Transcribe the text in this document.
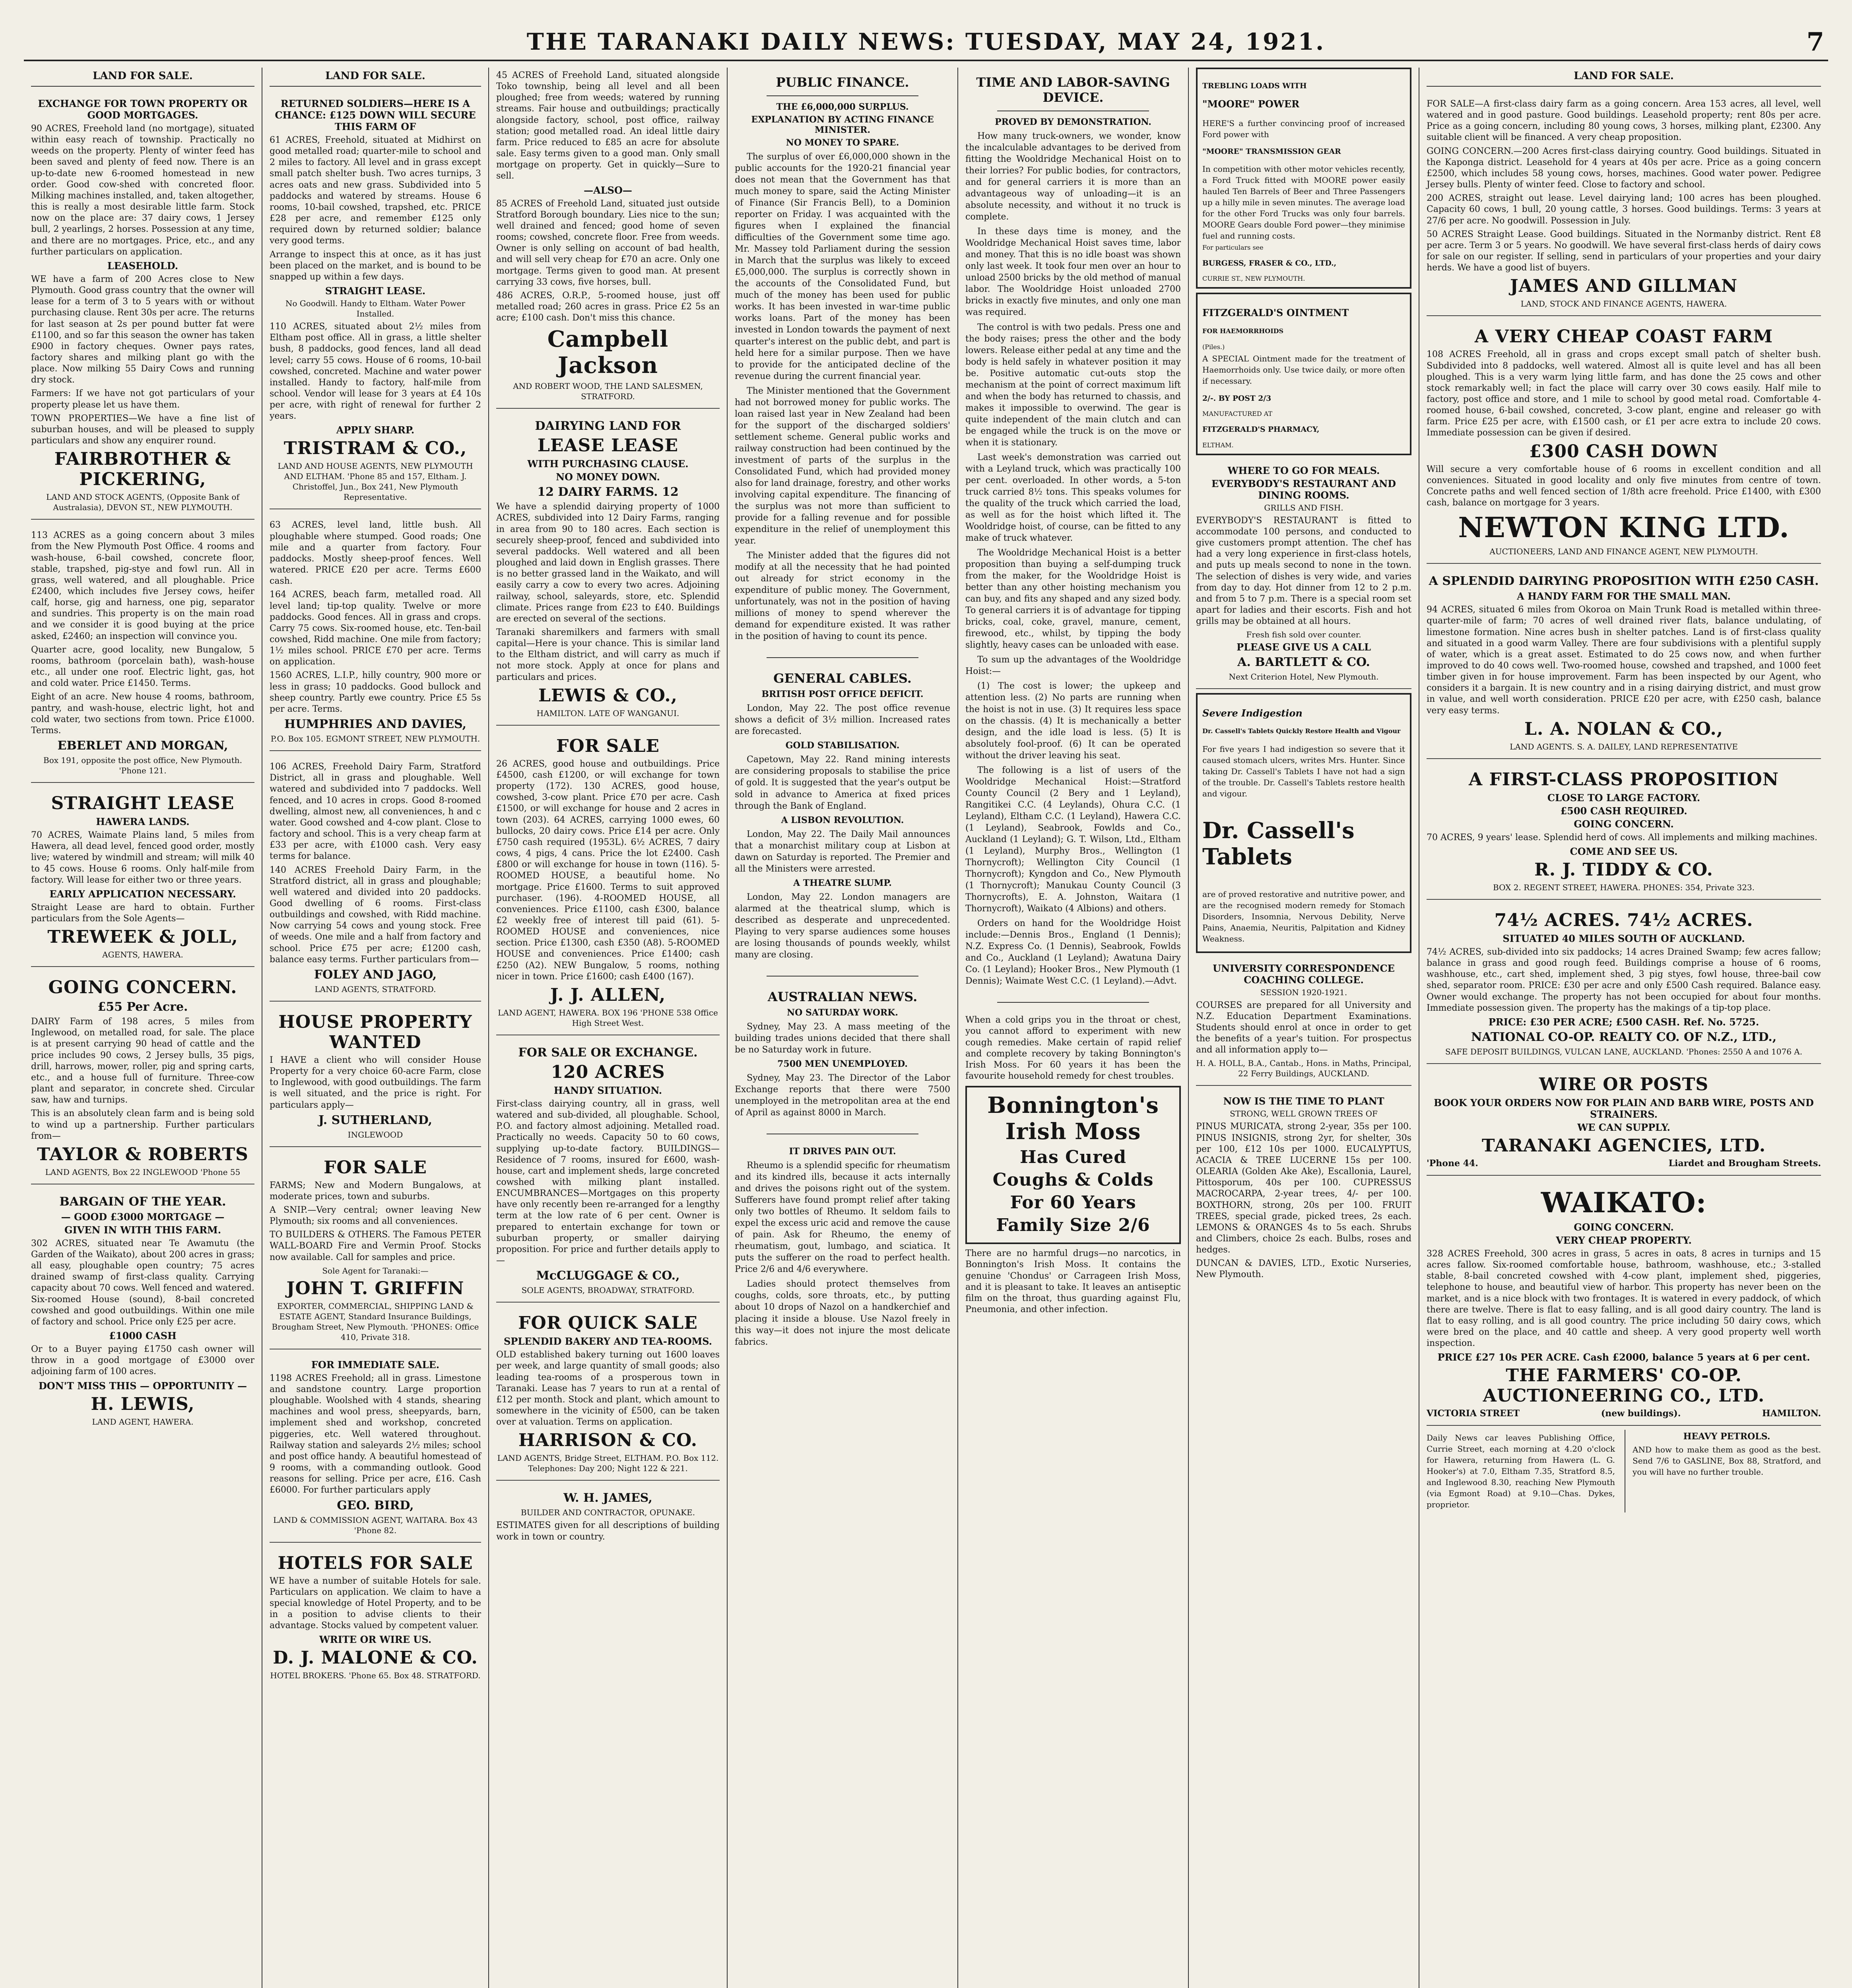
THE TARANAKI DAILY NEWS: TUESDAY, MAY 24, 1921.	7
LAND FOR SALE.
EXCHANGE FOR TOWN PROPERTY OR GOOD MORTGAGES.

90 ACRES, Freehold land (no mortgage), situated within easy reach of township. Practically no weeds on the property. Plenty of winter feed has been saved and plenty of feed now. There is an up-to-date new 6-roomed homestead in new order. Good cow-shed with concreted floor. Milking machines installed, and, taken altogether, this is really a most desirable little farm. Stock now on the place are: 37 dairy cows, 1 Jersey bull, 2 yearlings, 2 horses. Possession at any time, and there are no mortgages. Price, etc., and any further particulars on application.

LEASEHOLD.

WE have a farm of 200 Acres close to New Plymouth. Good grass country that the owner will lease for a term of 3 to 5 years with or without purchasing clause. Rent 30s per acre. The returns for last season at 2s per pound butter fat were £1100, and so far this season the owner has taken £900 in factory cheques. Owner pays rates, factory shares and milking plant go with the place. Now milking 55 Dairy Cows and running dry stock.

Farmers: If we have not got particulars of your property please let us have them.

TOWN PROPERTIES—We have a fine list of suburban houses, and will be pleased to supply particulars and show any enquirer round.

FAIRBROTHER & PICKERING,
LAND AND STOCK AGENTS, (Opposite Bank of Australasia), DEVON ST., NEW PLYMOUTH.

113 ACRES as a going concern about 3 miles from the New Plymouth Post Office. 4 rooms and wash-house, 6-bail cowshed, concrete floor, stable, trapshed, pig-stye and fowl run. All in grass, well watered, and all ploughable. Price £2400, which includes five Jersey cows, heifer calf, horse, gig and harness, one pig, separator and sundries. This property is on the main road and we consider it is good buying at the price asked, £2460; an inspection will convince you.

Quarter acre, good locality, new Bungalow, 5 rooms, bathroom (porcelain bath), wash-house etc., all under one roof. Electric light, gas, hot and cold water. Price £1450. Terms.

Eight of an acre. New house 4 rooms, bathroom, pantry, and wash-house, electric light, hot and cold water, two sections from town. Price £1000. Terms.

EBERLET AND MORGAN,
Box 191, opposite the post office, New Plymouth. 'Phone 121.
STRAIGHT LEASE
HAWERA LANDS.

70 ACRES, Waimate Plains land, 5 miles from Hawera, all dead level, fenced good order, mostly live; watered by windmill and stream; will milk 40 to 45 cows. House 6 rooms. Only half-mile from factory. Will lease for either two or three years.

EARLY APPLICATION NECESSARY.

Straight Lease are hard to obtain. Further particulars from the Sole Agents—

TREWEEK & JOLL,
AGENTS, HAWERA.
GOING CONCERN.
£55 Per Acre.

DAIRY Farm of 198 acres, 5 miles from Inglewood, on metalled road, for sale. The place is at present carrying 90 head of cattle and the price includes 90 cows, 2 Jersey bulls, 35 pigs, drill, harrows, mower, roller, pig and spring carts, etc., and a house full of furniture. Three-cow plant and separator, in concrete shed. Circular saw, haw and turnips.

This is an absolutely clean farm and is being sold to wind up a partnership. Further particulars from—

TAYLOR & ROBERTS
LAND AGENTS, Box 22 INGLEWOOD 'Phone 55
BARGAIN OF THE YEAR.
— GOOD £3000 MORTGAGE —
GIVEN IN WITH THIS FARM.

302 ACRES, situated near Te Awamutu (the Garden of the Waikato), about 200 acres in grass; all easy, ploughable open country; 75 acres drained swamp of first-class quality. Carrying capacity about 70 cows. Well fenced and watered. Six-roomed House (sound), 8-bail concreted cowshed and good outbuildings. Within one mile of factory and school. Price only £25 per acre.

£1000 CASH

Or to a Buyer paying £1750 cash owner will throw in a good mortgage of £3000 over adjoining farm of 100 acres.

DON'T MISS THIS — OPPORTUNITY —
H. LEWIS,
LAND AGENT, HAWERA.
LAND FOR SALE.
RETURNED SOLDIERS—HERE IS A CHANCE: £125 DOWN WILL SECURE THIS FARM OF

61 ACRES, Freehold, situated at Midhirst on good metalled road; quarter-mile to school and 2 miles to factory. All level and in grass except small patch shelter bush. Two acres turnips, 3 acres oats and new grass. Subdivided into 5 paddocks and watered by streams. House 6 rooms, 10-bail cowshed, trapshed, etc. PRICE £28 per acre, and remember £125 only required down by returned soldier; balance very good terms.

Arrange to inspect this at once, as it has just been placed on the market, and is bound to be snapped up within a few days.

STRAIGHT LEASE.
No Goodwill. Handy to Eltham. Water Power Installed.

110 ACRES, situated about 2½ miles from Eltham post office. All in grass, a little shelter bush, 8 paddocks, good fences, land all dead level; carry 55 cows. House of 6 rooms, 10-bail cowshed, concreted. Machine and water power installed. Handy to factory, half-mile from school. Vendor will lease for 3 years at £4 10s per acre, with right of renewal for further 2 years.

APPLY SHARP.
TRISTRAM & CO.,
LAND AND HOUSE AGENTS, NEW PLYMOUTH AND ELTHAM. 'Phone 85 and 157, Eltham. J. Christoffel, Jun., Box 241, New Plymouth Representative.

63 ACRES, level land, little bush. All ploughable where stumped. Good roads; One mile and a quarter from factory. Four paddocks. Mostly sheep-proof fences. Well watered. PRICE £20 per acre. Terms £600 cash.

164 ACRES, beach farm, metalled road. All level land; tip-top quality. Twelve or more paddocks. Good fences. All in grass and crops. Carry 75 cows. Six-roomed house, etc. Ten-bail cowshed, Ridd machine. One mile from factory; 1½ miles school. PRICE £70 per acre. Terms on application.

1560 ACRES, L.I.P., hilly country, 900 more or less in grass; 10 paddocks. Good bullock and sheep country. Partly ewe country. Price £5 5s per acre. Terms.

HUMPHRIES AND DAVIES,
P.O. Box 105. EGMONT STREET, NEW PLYMOUTH.

106 ACRES, Freehold Dairy Farm, Stratford District, all in grass and ploughable. Well watered and subdivided into 7 paddocks. Well fenced, and 10 acres in crops. Good 8-roomed dwelling, almost new, all conveniences, h and c water. Good cowshed and 4-cow plant. Close to factory and school. This is a very cheap farm at £33 per acre, with £1000 cash. Very easy terms for balance.

140 ACRES Freehold Dairy Farm, in the Stratford district, all in grass and ploughable; well watered and divided into 20 paddocks. Good dwelling of 6 rooms. First-class outbuildings and cowshed, with Ridd machine. Now carrying 54 cows and young stock. Free of weeds. One mile and a half from factory and school. Price £75 per acre; £1200 cash, balance easy terms. Further particulars from—

FOLEY AND JAGO,
LAND AGENTS, STRATFORD.
HOUSE PROPERTY WANTED

I HAVE a client who will consider House Property for a very choice 60-acre Farm, close to Inglewood, with good outbuildings. The farm is well situated, and the price is right. For particulars apply—

J. SUTHERLAND,
INGLEWOOD
FOR SALE

FARMS; New and Modern Bungalows, at moderate prices, town and suburbs.

A SNIP.—Very central; owner leaving New Plymouth; six rooms and all conveniences.

TO BUILDERS & OTHERS. The Famous PETER WALL-BOARD Fire and Vermin Proof. Stocks now available. Call for samples and price.

Sole Agent for Taranaki:—
JOHN T. GRIFFIN
EXPORTER, COMMERCIAL, SHIPPING LAND & ESTATE AGENT, Standard Insurance Buildings, Brougham Street, New Plymouth. 'PHONES: Office 410, Private 318.
FOR IMMEDIATE SALE.

1198 ACRES Freehold; all in grass. Limestone and sandstone country. Large proportion ploughable. Woolshed with 4 stands, shearing machines and wool press, sheepyards, barn, implement shed and workshop, concreted piggeries, etc. Well watered throughout. Railway station and saleyards 2½ miles; school and post office handy. A beautiful homestead of 9 rooms, with a commanding outlook. Good reasons for selling. Price per acre, £16. Cash £6000. For further particulars apply

GEO. BIRD,
LAND & COMMISSION AGENT, WAITARA. Box 43 'Phone 82.
HOTELS FOR SALE

WE have a number of suitable Hotels for sale. Particulars on application. We claim to have a special knowledge of Hotel Property, and to be in a position to advise clients to their advantage. Stocks valued by competent valuer.

WRITE OR WIRE US.
D. J. MALONE & CO.
HOTEL BROKERS. 'Phone 65. Box 48. STRATFORD.

45 ACRES of Freehold Land, situated alongside Toko township, being all level and all been ploughed; free from weeds; watered by running streams. Fair house and outbuildings; practically alongside factory, school, post office, railway station; good metalled road. An ideal little dairy farm. Price reduced to £85 an acre for absolute sale. Easy terms given to a good man. Only small mortgage on property. Get in quickly—Sure to sell.

—ALSO—

85 ACRES of Freehold Land, situated just outside Stratford Borough boundary. Lies nice to the sun; well drained and fenced; good home of seven rooms; cowshed, concrete floor. Free from weeds. Owner is only selling on account of bad health, and will sell very cheap for £70 an acre. Only one mortgage. Terms given to good man. At present carrying 33 cows, five horses, bull.

486 ACRES, O.R.P., 5-roomed house, just off metalled road; 260 acres in grass. Price £2 5s an acre; £100 cash. Don't miss this chance.

Campbell Jackson
AND ROBERT WOOD, THE LAND SALESMEN, STRATFORD.
DAIRYING LAND FOR
LEASE LEASE
WITH PURCHASING CLAUSE.
NO MONEY DOWN.
12 DAIRY FARMS. 12

We have a splendid dairying property of 1000 ACRES, subdivided into 12 Dairy Farms, ranging in area from 90 to 180 acres. Each section is securely sheep-proof, fenced and subdivided into several paddocks. Well watered and all been ploughed and laid down in English grasses. There is no better grassed land in the Waikato, and will easily carry a cow to every two acres. Adjoining railway, school, saleyards, store, etc. Splendid climate. Prices range from £23 to £40. Buildings are erected on several of the sections.

Taranaki sharemilkers and farmers with small capital—Here is your chance. This is similar land to the Eltham district, and will carry as much if not more stock. Apply at once for plans and particulars and prices.

LEWIS & CO.,
HAMILTON. LATE OF WANGANUI.
FOR SALE

26 ACRES, good house and outbuildings. Price £4500, cash £1200, or will exchange for town property (172). 130 ACRES, good house, cowshed, 3-cow plant. Price £70 per acre. Cash £1500, or will exchange for house and 2 acres in town (203). 64 ACRES, carrying 1000 ewes, 60 bullocks, 20 dairy cows. Price £14 per acre. Only £750 cash required (1953L). 6½ ACRES, 7 dairy cows, 4 pigs, 4 cans. Price the lot £2400. Cash £800 or will exchange for house in town (116). 5-ROOMED HOUSE, a beautiful home. No mortgage. Price £1600. Terms to suit approved purchaser. (196). 4-ROOMED HOUSE, all conveniences. Price £1100, cash £300, balance £2 weekly free of interest till paid (61). 5-ROOMED HOUSE and conveniences, nice section. Price £1300, cash £350 (A8). 5-ROOMED HOUSE and conveniences. Price £1400; cash £250 (A2). NEW Bungalow, 5 rooms, nothing nicer in town. Price £1600; cash £400 (167).

J. J. ALLEN,
LAND AGENT, HAWERA. BOX 196 'PHONE 538 Office High Street West.
FOR SALE OR EXCHANGE.
120 ACRES
HANDY SITUATION.

First-class dairying country, all in grass, well watered and sub-divided, all ploughable. School, P.O. and factory almost adjoining. Metalled road. Practically no weeds. Capacity 50 to 60 cows, supplying up-to-date factory. BUILDINGS—Residence of 7 rooms, insured for £600, wash-house, cart and implement sheds, large concreted cowshed with milking plant installed. ENCUMBRANCES—Mortgages on this property have only recently been re-arranged for a lengthy term at the low rate of 6 per cent. Owner is prepared to entertain exchange for town or suburban property, or smaller dairying proposition. For price and further details apply to—

McCLUGGAGE & CO.,
SOLE AGENTS, BROADWAY, STRATFORD.
FOR QUICK SALE
SPLENDID BAKERY AND TEA-ROOMS.

OLD established bakery turning out 1600 loaves per week, and large quantity of small goods; also leading tea-rooms of a prosperous town in Taranaki. Lease has 7 years to run at a rental of £12 per month. Stock and plant, which amount to somewhere in the vicinity of £500, can be taken over at valuation. Terms on application.

HARRISON & CO.
LAND AGENTS, Bridge Street, ELTHAM. P.O. Box 112. Telephones: Day 200; Night 122 & 221.
W. H. JAMES,
BUILDER AND CONTRACTOR, OPUNAKE.

ESTIMATES given for all descriptions of building work in town or country.

PUBLIC FINANCE.
THE £6,000,000 SURPLUS.
EXPLANATION BY ACTING FINANCE MINISTER.
NO MONEY TO SPARE.

The surplus of over £6,000,000 shown in the public accounts for the 1920-21 financial year does not mean that the Government has that much money to spare, said the Acting Minister of Finance (Sir Francis Bell), to a Dominion reporter on Friday. I was acquainted with the figures when I explained the financial difficulties of the Government some time ago. Mr. Massey told Parliament during the session in March that the surplus was likely to exceed £5,000,000. The surplus is correctly shown in the accounts of the Consolidated Fund, but much of the money has been used for public works. It has been invested in war-time public works loans. Part of the money has been invested in London towards the payment of next quarter's interest on the public debt, and part is held here for a similar purpose. Then we have to provide for the anticipated decline of the revenue during the current financial year.

The Minister mentioned that the Government had not borrowed money for public works. The loan raised last year in New Zealand had been for the support of the discharged soldiers' settlement scheme. General public works and railway construction had been continued by the investment of parts of the surplus in the Consolidated Fund, which had provided money also for land drainage, forestry, and other works involving capital expenditure. The financing of the surplus was not more than sufficient to provide for a falling revenue and for possible expenditure in the relief of unemployment this year.

The Minister added that the figures did not modify at all the necessity that he had pointed out already for strict economy in the expenditure of public money. The Government, unfortunately, was not in the position of having millions of money to spend wherever the demand for expenditure existed. It was rather in the position of having to count its pence.

GENERAL CABLES.
BRITISH POST OFFICE DEFICIT.

London, May 22. The post office revenue shows a deficit of 3½ million. Increased rates are forecasted.

GOLD STABILISATION.

Capetown, May 22. Rand mining interests are considering proposals to stabilise the price of gold. It is suggested that the year's output be sold in advance to America at fixed prices through the Bank of England.

A LISBON REVOLUTION.

London, May 22. The Daily Mail announces that a monarchist military coup at Lisbon at dawn on Saturday is reported. The Premier and all the Ministers were arrested.

A THEATRE SLUMP.

London, May 22. London managers are alarmed at the theatrical slump, which is described as desperate and unprecedented. Playing to very sparse audiences some houses are losing thousands of pounds weekly, whilst many are closing.

AUSTRALIAN NEWS.
NO SATURDAY WORK.

Sydney, May 23. A mass meeting of the building trades unions decided that there shall be no Saturday work in future.

7500 MEN UNEMPLOYED.

Sydney, May 23. The Director of the Labor Exchange reports that there were 7500 unemployed in the metropolitan area at the end of April as against 8000 in March.

IT DRIVES PAIN OUT.

Rheumo is a splendid specific for rheumatism and its kindred ills, because it acts internally and drives the poisons right out of the system. Sufferers have found prompt relief after taking only two bottles of Rheumo. It seldom fails to expel the excess uric acid and remove the cause of pain. Ask for Rheumo, the enemy of rheumatism, gout, lumbago, and sciatica. It puts the sufferer on the road to perfect health. Price 2/6 and 4/6 everywhere.

Ladies should protect themselves from coughs, colds, sore throats, etc., by putting about 10 drops of Nazol on a handkerchief and placing it inside a blouse. Use Nazol freely in this way—it does not injure the most delicate fabrics.

TIME AND LABOR-SAVING DEVICE.
PROVED BY DEMONSTRATION.

How many truck-owners, we wonder, know the incalculable advantages to be derived from fitting the Wooldridge Mechanical Hoist on to their lorries? For public bodies, for contractors, and for general carriers it is more than an advantageous way of unloading—it is an absolute necessity, and without it no truck is complete.

In these days time is money, and the Wooldridge Mechanical Hoist saves time, labor and money. That this is no idle boast was shown only last week. It took four men over an hour to unload 2500 bricks by the old method of manual labor. The Wooldridge Hoist unloaded 2700 bricks in exactly five minutes, and only one man was required.

The control is with two pedals. Press one and the body raises; press the other and the body lowers. Release either pedal at any time and the body is held safely in whatever position it may be. Positive automatic cut-outs stop the mechanism at the point of correct maximum lift and when the body has returned to chassis, and makes it impossible to overwind. The gear is quite independent of the main clutch and can be engaged while the truck is on the move or when it is stationary.

Last week's demonstration was carried out with a Leyland truck, which was practically 100 per cent. overloaded. In other words, a 5-ton truck carried 8½ tons. This speaks volumes for the quality of the truck which carried the load, as well as for the hoist which lifted it. The Wooldridge hoist, of course, can be fitted to any make of truck whatever.

The Wooldridge Mechanical Hoist is a better proposition than buying a self-dumping truck from the maker, for the Wooldridge Hoist is better than any other hoisting mechanism you can buy, and fits any shaped and any sized body. To general carriers it is of advantage for tipping bricks, coal, coke, gravel, manure, cement, firewood, etc., whilst, by tipping the body slightly, heavy cases can be unloaded with ease.

To sum up the advantages of the Wooldridge Hoist:—

(1) The cost is lower; the upkeep and attention less. (2) No parts are running when the hoist is not in use. (3) It requires less space on the chassis. (4) It is mechanically a better design, and the idle load is less. (5) It is absolutely fool-proof. (6) It can be operated without the driver leaving his seat.

The following is a list of users of the Wooldridge Mechanical Hoist:—Stratford County Council (2 Bery and 1 Leyland), Rangitikei C.C. (4 Leylands), Ohura C.C. (1 Leyland), Eltham C.C. (1 Leyland), Hawera C.C. (1 Leyland), Seabrook, Fowlds and Co., Auckland (1 Leyland); G. T. Wilson, Ltd., Eltham (1 Leyland), Murphy Bros., Wellington (1 Thornycroft); Wellington City Council (1 Thornycroft); Kyngdon and Co., New Plymouth (1 Thornycroft); Manukau County Council (3 Thornycrofts), E. A. Johnston, Waitara (1 Thornycroft), Waikato (4 Albions) and others.

Orders on hand for the Wooldridge Hoist include:—Dennis Bros., England (1 Dennis); N.Z. Express Co. (1 Dennis), Seabrook, Fowlds and Co., Auckland (1 Leyland); Awatuna Dairy Co. (1 Leyland); Hooker Bros., New Plymouth (1 Dennis); Waimate West C.C. (1 Leyland).—Advt.

When a cold grips you in the throat or chest, you cannot afford to experiment with new cough remedies. Make certain of rapid relief and complete recovery by taking Bonnington's Irish Moss. For 60 years it has been the favourite household remedy for chest troubles.

Bonnington's
Irish Moss
Has Cured
Coughs & Colds
For 60 Years
Family Size 2/6

There are no harmful drugs—no narcotics, in Bonnington's Irish Moss. It contains the genuine 'Chondus' or Carrageen Irish Moss, and it is pleasant to take. It leaves an antiseptic film on the throat, thus guarding against Flu, Pneumonia, and other infection.

TREBLING LOADS WITH
"MOORE" POWER

HERE'S a further convincing proof of increased Ford power with

"MOORE" TRANSMISSION GEAR

In competition with other motor vehicles recently, a Ford Truck fitted with MOORE power easily hauled Ten Barrels of Beer and Three Passengers up a hilly mile in seven minutes. The average load for the other Ford Trucks was only four barrels. MOORE Gears double Ford power—they minimise fuel and running costs.

For particulars see
BURGESS, FRASER & CO., LTD.,
CURRIE ST., NEW PLYMOUTH.
FITZGERALD'S OINTMENT
FOR HAEMORRHOIDS
(Piles.)

A SPECIAL Ointment made for the treatment of Haemorrhoids only. Use twice daily, or more often if necessary.

2/-. BY POST 2/3
MANUFACTURED AT
FITZGERALD'S PHARMACY,
ELTHAM.
WHERE TO GO FOR MEALS.
EVERYBODY'S RESTAURANT AND DINING ROOMS.
GRILLS AND FISH.

EVERYBODY'S RESTAURANT is fitted to accommodate 100 persons, and conducted to give customers prompt attention. The chef has had a very long experience in first-class hotels, and puts up meals second to none in the town. The selection of dishes is very wide, and varies from day to day. Hot dinner from 12 to 2 p.m. and from 5 to 7 p.m. There is a special room set apart for ladies and their escorts. Fish and hot grills may be obtained at all hours.

Fresh fish sold over counter.
PLEASE GIVE US A CALL
A. BARTLETT & CO.
Next Criterion Hotel, New Plymouth.
Severe Indigestion
Dr. Cassell's Tablets Quickly Restore Health and Vigour

For five years I had indigestion so severe that it caused stomach ulcers, writes Mrs. Hunter. Since taking Dr. Cassell's Tablets I have not had a sign of the trouble. Dr. Cassell's Tablets restore health and vigour.

Dr. Cassell's Tablets

are of proved restorative and nutritive power, and are the recognised modern remedy for Stomach Disorders, Insomnia, Nervous Debility, Nerve Pains, Anaemia, Neuritis, Palpitation and Kidney Weakness.

UNIVERSITY CORRESPONDENCE COACHING COLLEGE.
SESSION 1920-1921.

COURSES are prepared for all University and N.Z. Education Department Examinations. Students should enrol at once in order to get the benefits of a year's tuition. For prospectus and all information apply to—

H. A. HOLL, B.A., Cantab., Hons. in Maths, Principal, 22 Ferry Buildings, AUCKLAND.
NOW IS THE TIME TO PLANT
STRONG, WELL GROWN TREES OF

PINUS MURICATA, strong 2-year, 35s per 100. PINUS INSIGNIS, strong 2yr, for shelter, 30s per 100, £12 10s per 1000. EUCALYPTUS, ACACIA & TREE LUCERNE 15s per 100. OLEARIA (Golden Ake Ake), Escallonia, Laurel, Pittosporum, 40s per 100. CUPRESSUS MACROCARPA, 2-year trees, 4/- per 100. BOXTHORN, strong, 20s per 100. FRUIT TREES, special grade, picked trees, 2s each. LEMONS & ORANGES 4s to 5s each. Shrubs and Climbers, choice 2s each. Bulbs, roses and hedges.

DUNCAN & DAVIES, LTD., Exotic Nurseries, New Plymouth.

LAND FOR SALE.

FOR SALE—A first-class dairy farm as a going concern. Area 153 acres, all level, well watered and in good pasture. Good buildings. Leasehold property; rent 80s per acre. Price as a going concern, including 80 young cows, 3 horses, milking plant, £2300. Any suitable client will be financed. A very cheap proposition.

GOING CONCERN.—200 Acres first-class dairying country. Good buildings. Situated in the Kaponga district. Leasehold for 4 years at 40s per acre. Price as a going concern £2500, which includes 58 young cows, horses, machines. Good water power. Pedigree Jersey bulls. Plenty of winter feed. Close to factory and school.

200 ACRES, straight out lease. Level dairying land; 100 acres has been ploughed. Capacity 60 cows, 1 bull, 20 young cattle, 3 horses. Good buildings. Terms: 3 years at 27/6 per acre. No goodwill. Possession in July.

50 ACRES Straight Lease. Good buildings. Situated in the Normanby district. Rent £8 per acre. Term 3 or 5 years. No goodwill. We have several first-class herds of dairy cows for sale on our register. If selling, send in particulars of your properties and your dairy herds. We have a good list of buyers.

JAMES AND GILLMAN
LAND, STOCK AND FINANCE AGENTS, HAWERA.
A VERY CHEAP COAST FARM

108 ACRES Freehold, all in grass and crops except small patch of shelter bush. Subdivided into 8 paddocks, well watered. Almost all is quite level and has all been ploughed. This is a very warm lying little farm, and has done the 25 cows and other stock remarkably well; in fact the place will carry over 30 cows easily. Half mile to factory, post office and store, and 1 mile to school by good metal road. Comfortable 4-roomed house, 6-bail cowshed, concreted, 3-cow plant, engine and releaser go with farm. Price £25 per acre, with £1500 cash, or £1 per acre extra to include 20 cows. Immediate possession can be given if desired.

£300 CASH DOWN

Will secure a very comfortable house of 6 rooms in excellent condition and all conveniences. Situated in good locality and only five minutes from centre of town. Concrete paths and well fenced section of 1/8th acre freehold. Price £1400, with £300 cash, balance on mortgage for 3 years.

NEWTON KING LTD.
AUCTIONEERS, LAND AND FINANCE AGENT, NEW PLYMOUTH.
A SPLENDID DAIRYING PROPOSITION WITH £250 CASH.
A HANDY FARM FOR THE SMALL MAN.

94 ACRES, situated 6 miles from Okoroa on Main Trunk Road is metalled within three-quarter-mile of farm; 70 acres of well drained river flats, balance undulating, of limestone formation. Nine acres bush in shelter patches. Land is of first-class quality and situated in a good warm Valley. There are four subdivisions with a plentiful supply of water, which is a great asset. Estimated to do 25 cows now, and when further improved to do 40 cows well. Two-roomed house, cowshed and trapshed, and 1000 feet timber given in for house improvement. Farm has been inspected by our Agent, who considers it a bargain. It is new country and in a rising dairying district, and must grow in value, and well worth consideration. PRICE £20 per acre, with £250 cash, balance very easy terms.

L. A. NOLAN & CO.,
LAND AGENTS. S. A. DAILEY, LAND REPRESENTATIVE
A FIRST-CLASS PROPOSITION
CLOSE TO LARGE FACTORY.
£500 CASH REQUIRED.
GOING CONCERN.

70 ACRES, 9 years' lease. Splendid herd of cows. All implements and milking machines.

COME AND SEE US.
R. J. TIDDY & CO.
BOX 2. REGENT STREET, HAWERA. PHONES: 354, Private 323.
74½ ACRES. 74½ ACRES.
SITUATED 40 MILES SOUTH OF AUCKLAND.

74½ ACRES, sub-divided into six paddocks; 14 acres Drained Swamp; few acres fallow; balance in grass and good rough feed. Buildings comprise a house of 6 rooms, washhouse, etc., cart shed, implement shed, 3 pig styes, fowl house, three-bail cow shed, separator room. PRICE: £30 per acre and only £500 Cash required. Balance easy. Owner would exchange. The property has not been occupied for about four months. Immediate possession given. The property has the makings of a tip-top place.

PRICE: £30 PER ACRE; £500 CASH. Ref. No. 5725.
NATIONAL CO-OP. REALTY CO. OF N.Z., LTD.,
SAFE DEPOSIT BUILDINGS, VULCAN LANE, AUCKLAND. 'Phones: 2550 A and 1076 A.
WIRE OR POSTS
BOOK YOUR ORDERS NOW FOR PLAIN AND BARB WIRE, POSTS AND STRAINERS.
WE CAN SUPPLY.
TARANAKI AGENCIES, LTD.
'Phone 44.	Liardet and Brougham Streets.
WAIKATO:
GOING CONCERN.
VERY CHEAP PROPERTY.

328 ACRES Freehold, 300 acres in grass, 5 acres in oats, 8 acres in turnips and 15 acres fallow. Six-roomed comfortable house, bathroom, washhouse, etc.; 3-stalled stable, 8-bail concreted cowshed with 4-cow plant, implement shed, piggeries, telephone to house, and beautiful view of harbor. This property has never been on the market, and is a nice block with two frontages. It is watered in every paddock, of which there are twelve. There is flat to easy falling, and is all good dairy country. The land is flat to easy rolling, and is all good country. The price including 50 dairy cows, which were bred on the place, and 40 cattle and sheep. A very good property well worth inspection.

PRICE £27 10s PER ACRE. Cash £2000, balance 5 years at 6 per cent.
THE FARMERS' CO-OP. AUCTIONEERING CO., LTD.
VICTORIA STREET	(new buildings).	HAMILTON.

Daily News car leaves Publishing Office, Currie Street, each morning at 4.20 o'clock for Hawera, returning from Hawera (L. G. Hooker's) at 7.0, Eltham 7.35, Stratford 8.5, and Inglewood 8.30, reaching New Plymouth (via Egmont Road) at 9.10—Chas. Dykes, proprietor.

HEAVY PETROLS.

AND how to make them as good as the best. Send 7/6 to GASLINE, Box 88, Stratford, and you will have no further trouble.
